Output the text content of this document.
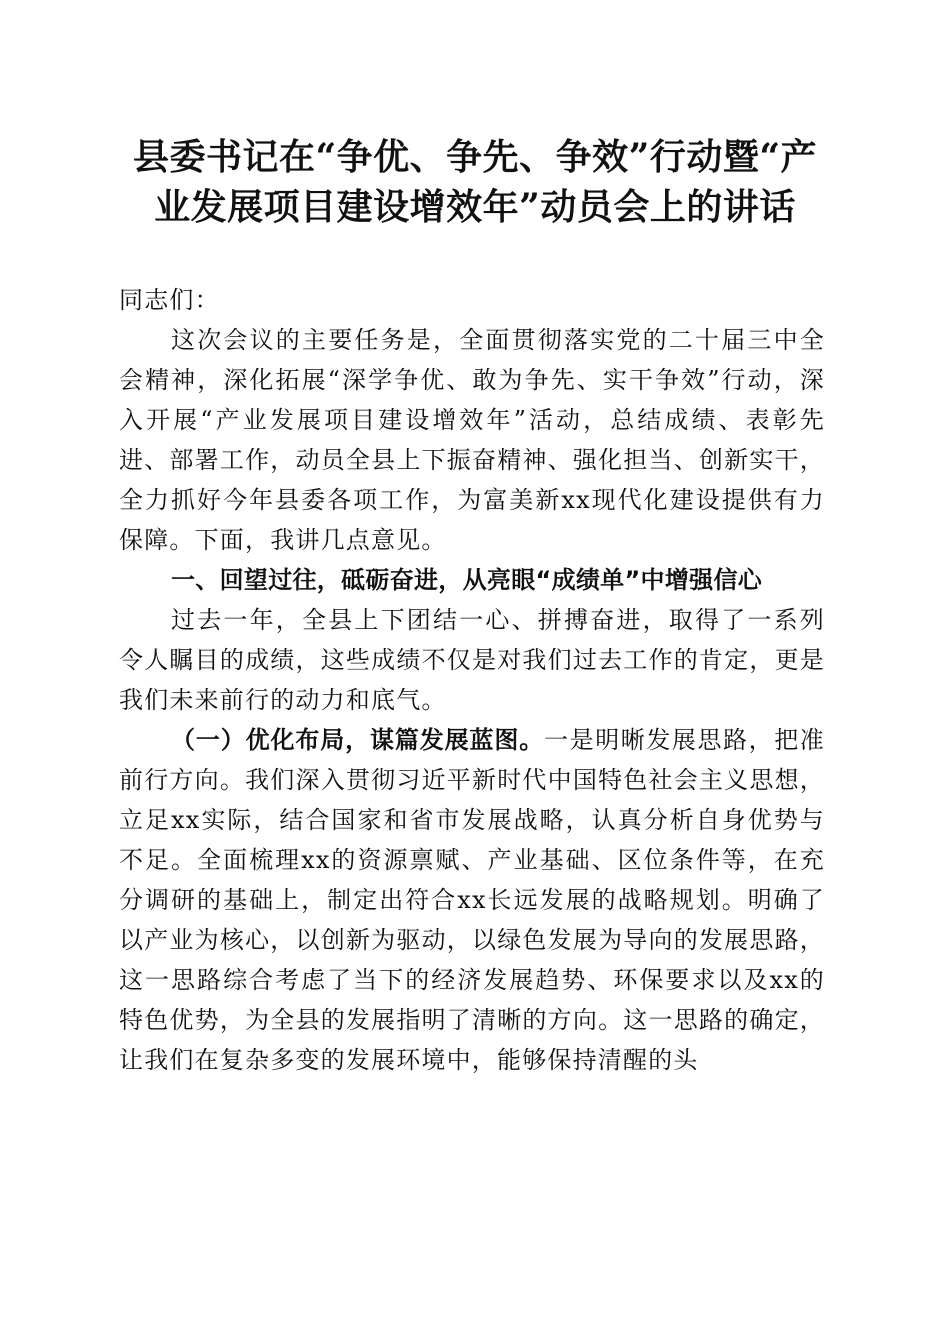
县委书记在“争优、争先、争效”行动暨“产
业发展项目建设增效年”动员会上的讲话

同志们：

这次会议的主要任务是，全面贯彻落实党的二十届三中全会精神，深化拓展“深学争优、敢为争先、实干争效”行动，深入开展“产业发展项目建设增效年”活动，总结成绩、表彰先进、部署工作，动员全县上下振奋精神、强化担当、创新实干，全力抓好今年县委各项工作，为富美新xx现代化建设提供有力保障。下面，我讲几点意见。

一、回望过往，砥砺奋进，从亮眼“成绩单”中增强信心

过去一年，全县上下团结一心、拼搏奋进，取得了一系列令人瞩目的成绩，这些成绩不仅是对我们过去工作的肯定，更是我们未来前行的动力和底气。

（一）优化布局，谋篇发展蓝图。一是明晰发展思路，把准前行方向。我们深入贯彻习近平新时代中国特色社会主义思想，立足xx实际，结合国家和省市发展战略，认真分析自身优势与不足。全面梳理xx的资源禀赋、产业基础、区位条件等，在充分调研的基础上，制定出符合xx长远发展的战略规划。明确了以产业为核心，以创新为驱动，以绿色发展为导向的发展思路，这一思路综合考虑了当下的经济发展趋势、环保要求以及xx的特色优势，为全县的发展指明了清晰的方向。这一思路的确定，让我们在复杂多变的发展环境中，能够保持清醒的头
